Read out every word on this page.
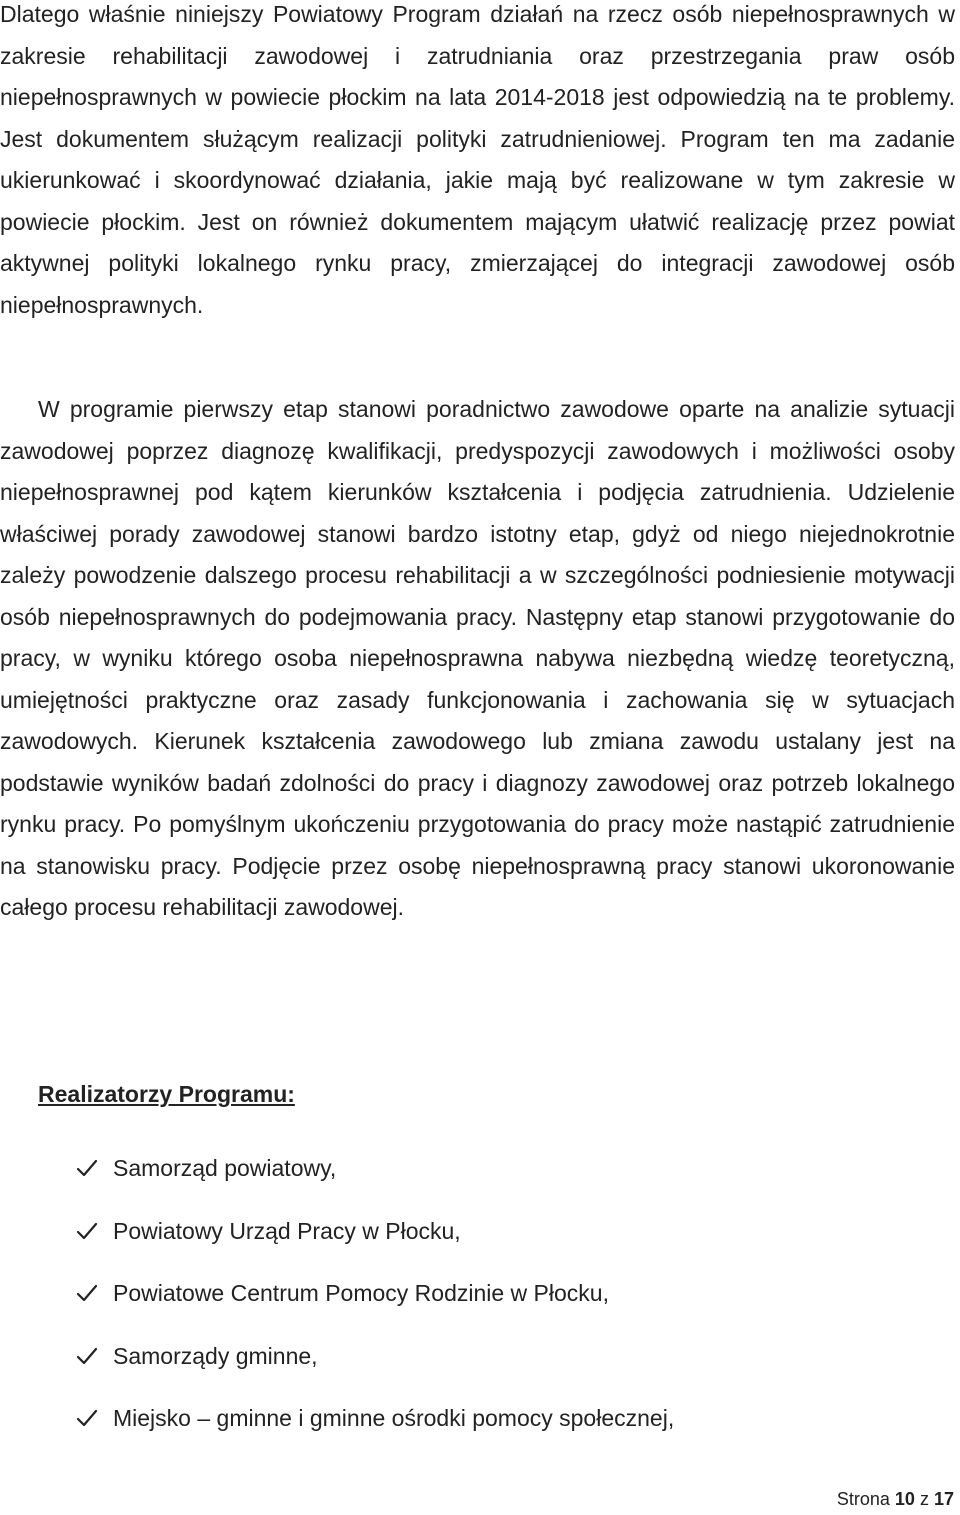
Dlatego właśnie niniejszy Powiatowy Program działań na rzecz osób niepełnosprawnych w zakresie rehabilitacji zawodowej i zatrudniania oraz przestrzegania praw osób niepełnosprawnych w powiecie płockim na lata 2014-2018 jest odpowiedzią na te problemy. Jest dokumentem służącym realizacji polityki zatrudnieniowej. Program ten ma zadanie ukierunkować i skoordynować działania, jakie mają być realizowane w tym zakresie w powiecie płockim. Jest on również dokumentem mającym ułatwić realizację przez powiat aktywnej polityki lokalnego rynku pracy, zmierzającej do integracji zawodowej osób niepełnosprawnych.

W programie pierwszy etap stanowi poradnictwo zawodowe oparte na analizie sytuacji zawodowej poprzez diagnozę kwalifikacji, predyspozycji zawodowych i możliwości osoby niepełnosprawnej pod kątem kierunków kształcenia i podjęcia zatrudnienia. Udzielenie właściwej porady zawodowej stanowi bardzo istotny etap, gdyż od niego niejednokrotnie zależy powodzenie dalszego procesu rehabilitacji a w szczególności podniesienie motywacji osób niepełnosprawnych do podejmowania pracy. Następny etap stanowi przygotowanie do pracy, w wyniku którego osoba niepełnosprawna nabywa niezbędną wiedzę teoretyczną, umiejętności praktyczne oraz zasady funkcjonowania i zachowania się w sytuacjach zawodowych. Kierunek kształcenia zawodowego lub zmiana zawodu ustalany jest na podstawie wyników badań zdolności do pracy i diagnozy zawodowej oraz potrzeb lokalnego rynku pracy. Po pomyślnym ukończeniu przygotowania do pracy może nastąpić zatrudnienie na stanowisku pracy. Podjęcie przez osobę niepełnosprawną pracy stanowi ukoronowanie całego procesu rehabilitacji zawodowej.

Realizatorzy Programu:
Samorząd powiatowy,
Powiatowy Urząd Pracy w Płocku,
Powiatowe Centrum Pomocy Rodzinie w Płocku,
Samorządy gminne,
Miejsko – gminne i gminne ośrodki pomocy społecznej,

Strona 10 z 17
